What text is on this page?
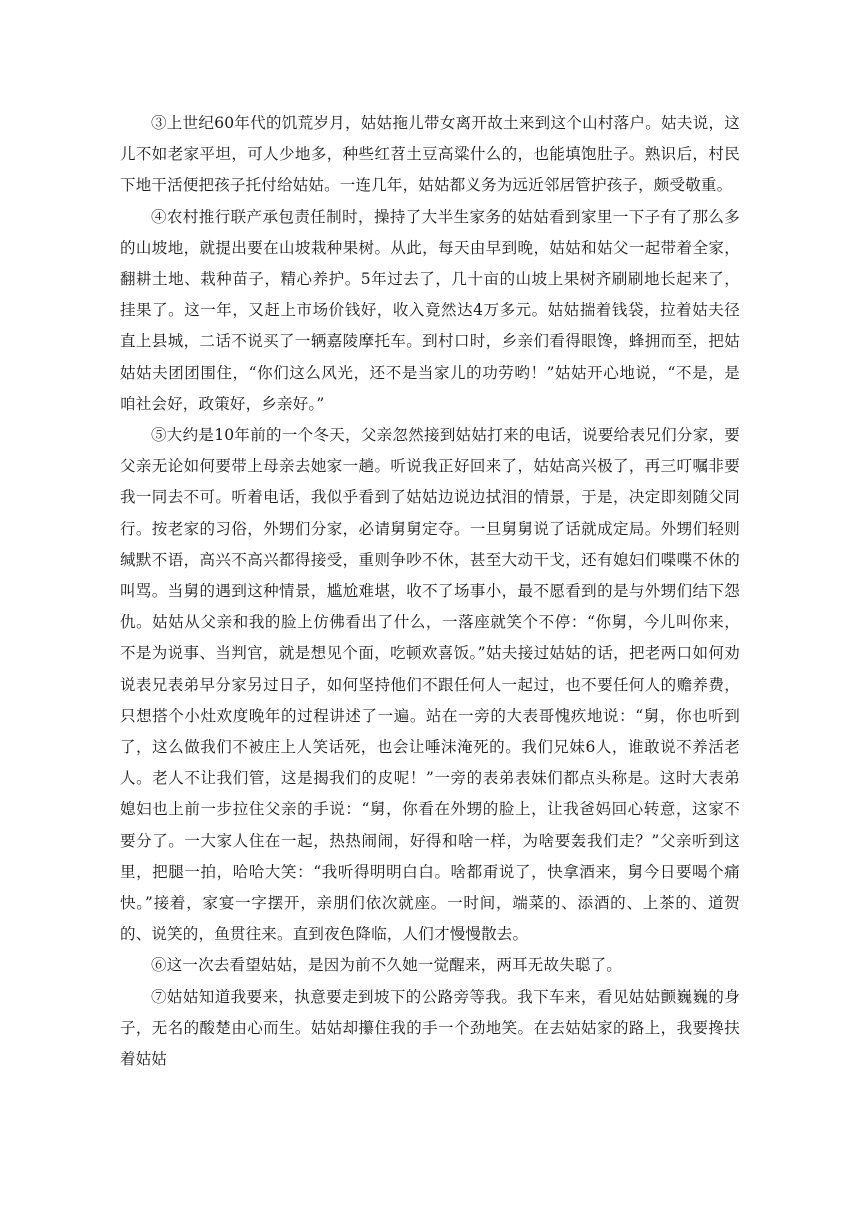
③上世纪60年代的饥荒岁月，姑姑拖儿带女离开故土来到这个山村落户。姑夫说，这儿不如老家平坦，可人少地多，种些红苕土豆高粱什么的，也能填饱肚子。熟识后，村民下地干活便把孩子托付给姑姑。一连几年，姑姑都义务为远近邻居管护孩子，颇受敬重。

④农村推行联产承包责任制时，操持了大半生家务的姑姑看到家里一下子有了那么多的山坡地，就提出要在山坡栽种果树。从此，每天由早到晚，姑姑和姑父一起带着全家，翻耕土地、栽种苗子，精心养护。5年过去了，几十亩的山坡上果树齐刷刷地长起来了，挂果了。这一年，又赶上市场价钱好，收入竟然达4万多元。姑姑揣着钱袋，拉着姑夫径直上县城，二话不说买了一辆嘉陵摩托车。到村口时，乡亲们看得眼馋，蜂拥而至，把姑姑姑夫团团围住，“你们这么风光，还不是当家儿的功劳哟！”姑姑开心地说，“不是，是咱社会好，政策好，乡亲好。”

⑤大约是10年前的一个冬天，父亲忽然接到姑姑打来的电话，说要给表兄们分家，要父亲无论如何要带上母亲去她家一趟。听说我正好回来了，姑姑高兴极了，再三叮嘱非要我一同去不可。听着电话，我似乎看到了姑姑边说边拭泪的情景，于是，决定即刻随父同行。按老家的习俗，外甥们分家，必请舅舅定夺。一旦舅舅说了话就成定局。外甥们轻则缄默不语，高兴不高兴都得接受，重则争吵不休，甚至大动干戈，还有媳妇们喋喋不休的叫骂。当舅的遇到这种情景，尴尬难堪，收不了场事小，最不愿看到的是与外甥们结下怨仇。姑姑从父亲和我的脸上仿佛看出了什么，一落座就笑个不停：“你舅，今儿叫你来，不是为说事、当判官，就是想见个面，吃顿欢喜饭。”姑夫接过姑姑的话，把老两口如何劝说表兄表弟早分家另过日子，如何坚持他们不跟任何人一起过，也不要任何人的赡养费，只想搭个小灶欢度晚年的过程讲述了一遍。站在一旁的大表哥愧疚地说：“舅，你也听到了，这么做我们不被庄上人笑话死，也会让唾沫淹死的。我们兄妹6人，谁敢说不养活老人。老人不让我们管，这是揭我们的皮呢！”一旁的表弟表妹们都点头称是。这时大表弟媳妇也上前一步拉住父亲的手说：“舅，你看在外甥的脸上，让我爸妈回心转意，这家不要分了。一大家人住在一起，热热闹闹，好得和啥一样，为啥要轰我们走？”父亲听到这里，把腿一拍，哈哈大笑：“我听得明明白白。啥都甭说了，快拿酒来，舅今日要喝个痛快。”接着，家宴一字摆开，亲朋们依次就座。一时间，端菜的、添酒的、上茶的、道贺的、说笑的，鱼贯往来。直到夜色降临，人们才慢慢散去。

⑥这一次去看望姑姑，是因为前不久她一觉醒来，两耳无故失聪了。

⑦姑姑知道我要来，执意要走到坡下的公路旁等我。我下车来，看见姑姑颤巍巍的身子，无名的酸楚由心而生。姑姑却攥住我的手一个劲地笑。在去姑姑家的路上，我要搀扶着姑姑
